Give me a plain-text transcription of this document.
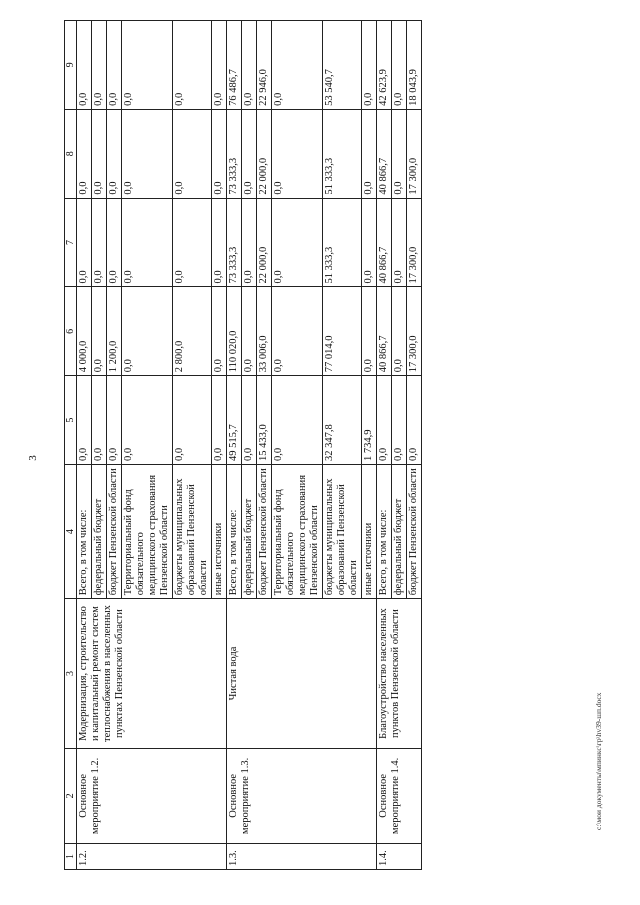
3
1	2	3	4	5	6	7	8	9
1.2.	Основное мероприятие 1.2.	Модернизация, строительство и капитальный ремонт систем теплоснабжения в населенных пунктах Пензенской области	Всего, в том числе:	0,0	4 000,0	0,0	0,0	0,0
			федеральный бюджет	0,0	0,0	0,0	0,0	0,0
			бюджет Пензенской области	0,0	1 200,0	0,0	0,0	0,0
			Территориальный фонд обязательного медицинского страхования Пензенской области	0,0	0,0	0,0	0,0	0,0
			бюджеты муниципальных образований Пензенской области	0,0	2 800,0	0,0	0,0	0,0
			иные источники	0,0	0,0	0,0	0,0	0,0
1.3.	Основное мероприятие 1.3.	Чистая вода	Всего, в том числе:	49 515,7	110 020,0	73 333,3	73 333,3	76 486,7
			федеральный бюджет	0,0	0,0	0,0	0,0	0,0
			бюджет Пензенской области	15 433,0	33 006,0	22 000,0	22 000,0	22 946,0
			Территориальный фонд обязательного медицинского страхования Пензенской области	0,0	0,0	0,0	0,0	0,0
			бюджеты муниципальных образований Пензенской области	32 347,8	77 014,0	51 333,3	51 333,3	53 540,7
			иные источники	1 734,9	0,0	0,0	0,0	0,0
1.4.	Основное мероприятие 1.4.	Благоустройство населенных пунктов Пензенской области	Всего, в том числе:	0,0	40 866,7	40 866,7	40 866,7	42 623,9
			федеральный бюджет	0,0	0,0	0,0	0,0	0,0
			бюджет Пензенской области	0,0	17 300,0	17 300,0	17 300,0	18 043,9
c:\мои документы\мпинкс\гр\hv39-шп.docx
